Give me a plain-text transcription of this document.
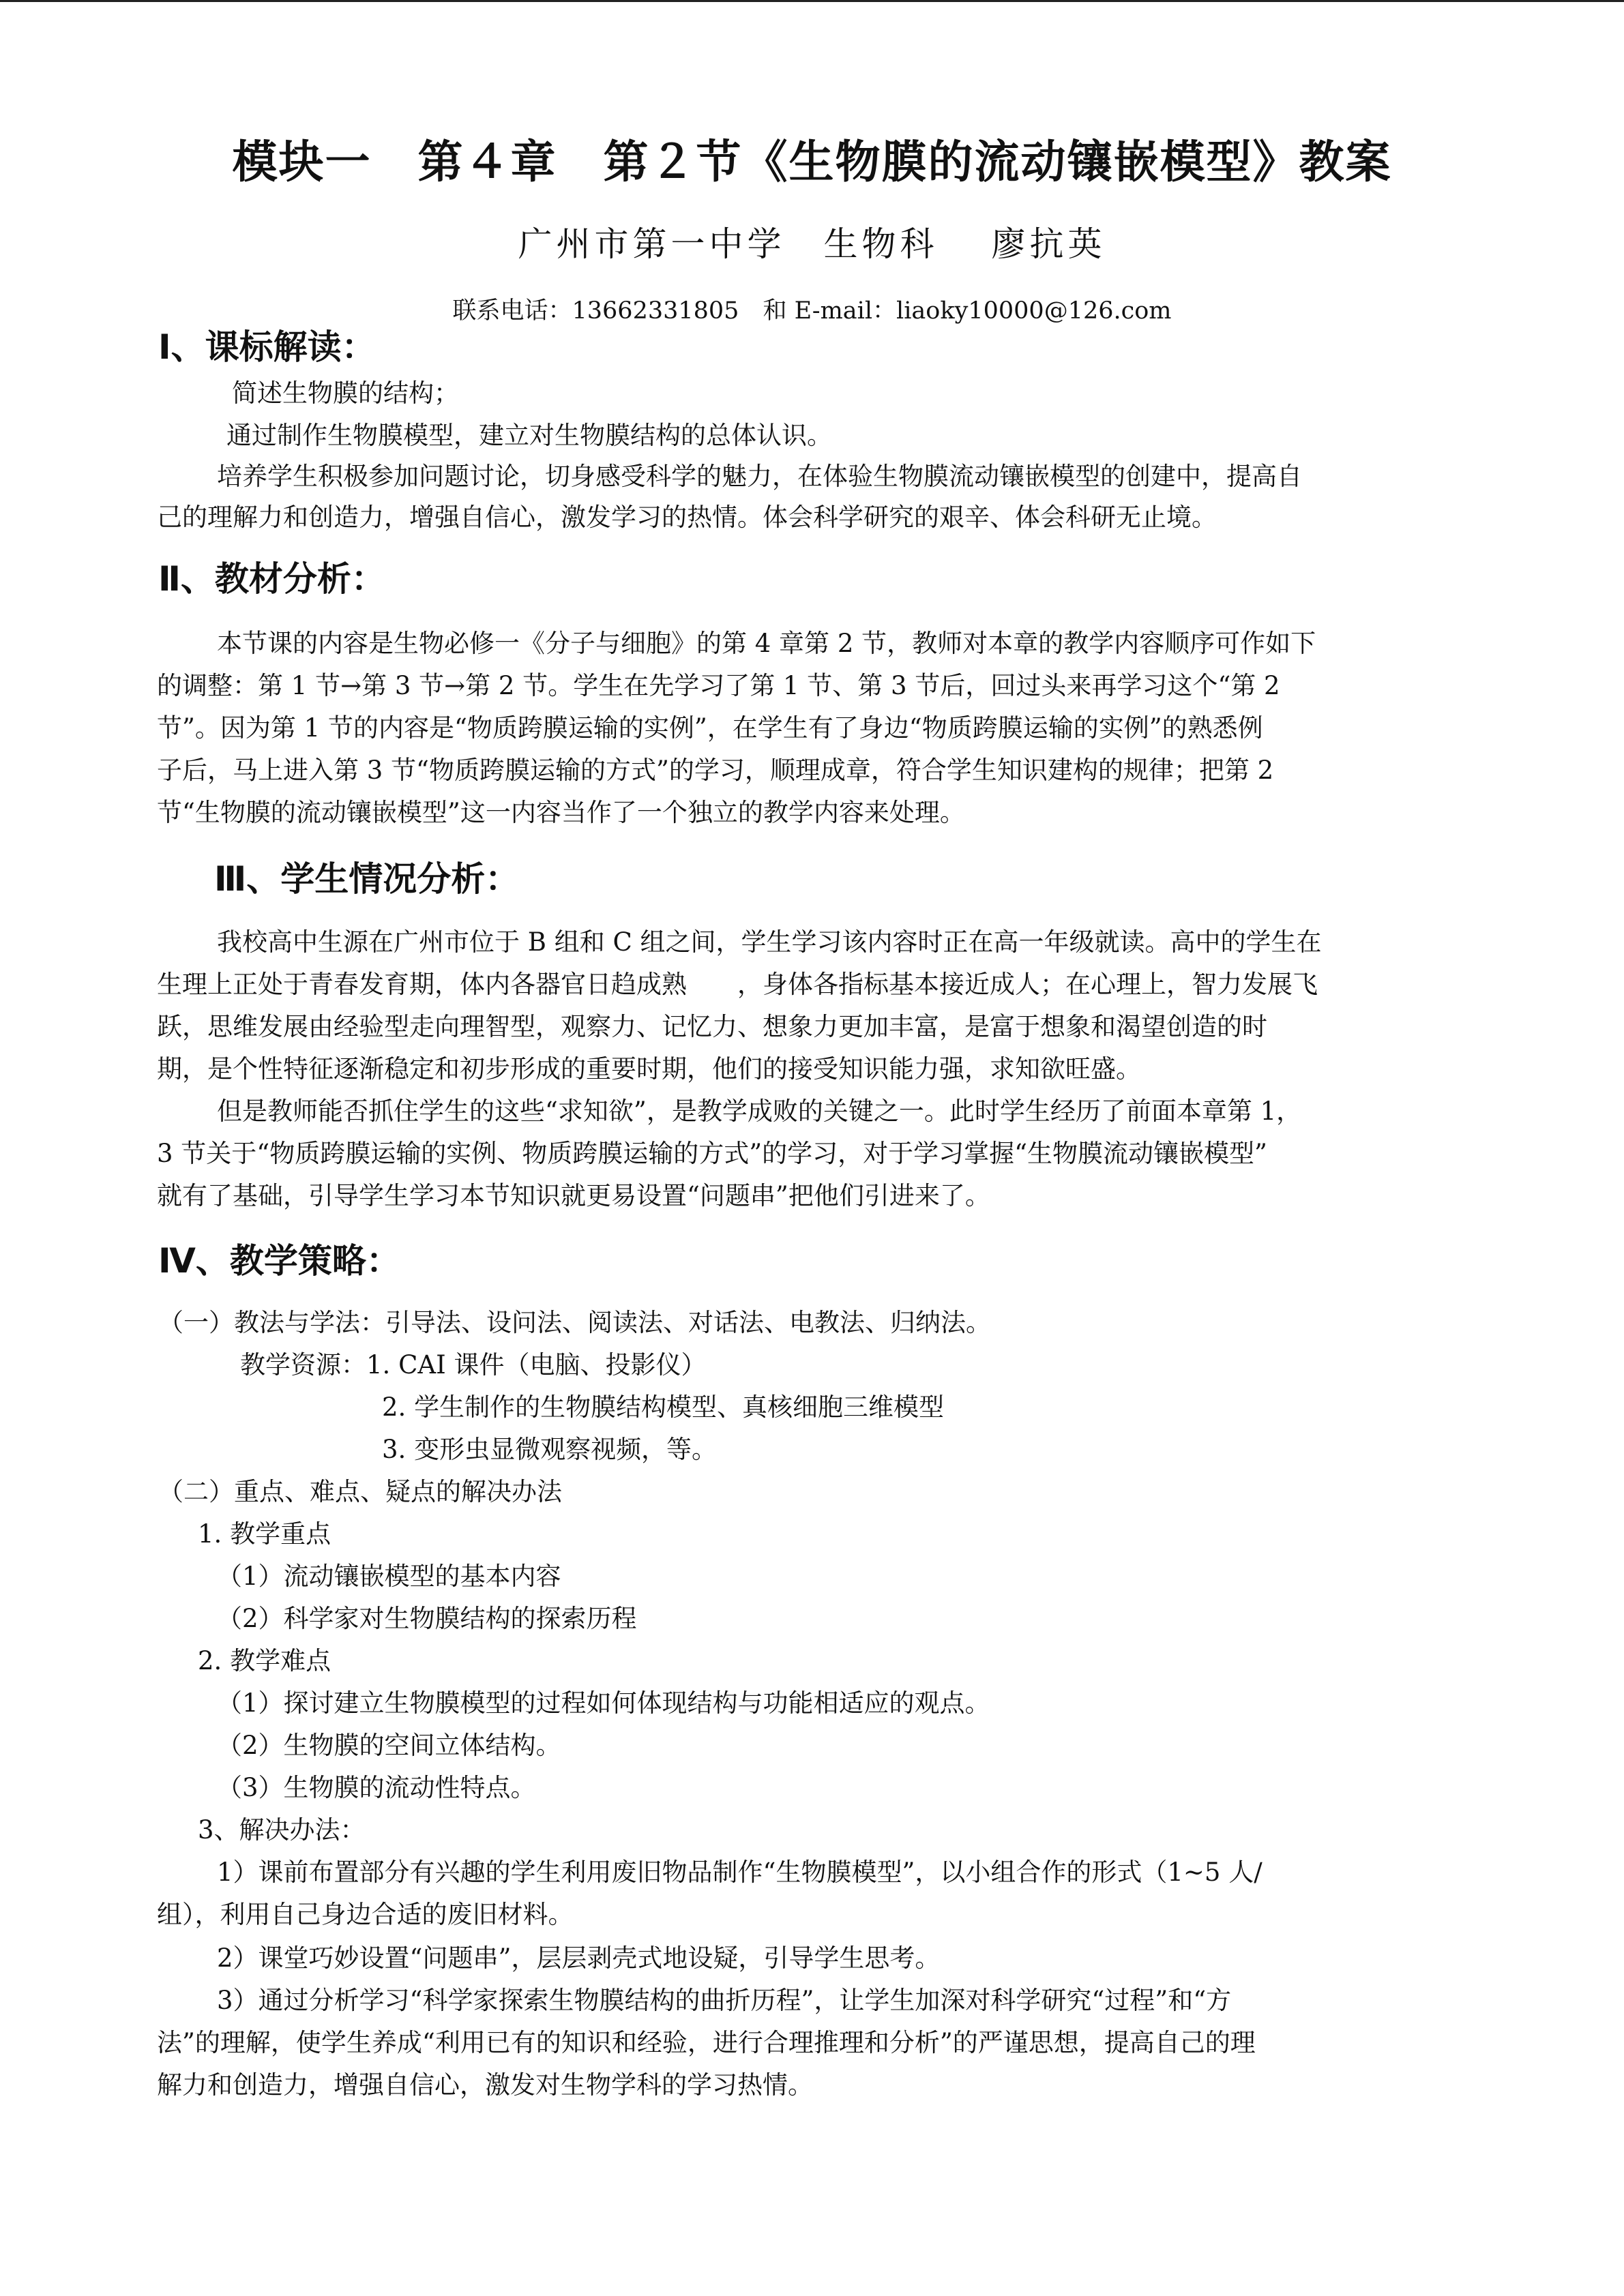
模块一　第４章　第２节《生物膜的流动镶嵌模型》教案
广州市第一中学　生物科　 廖抗英
联系电话：13662331805　和 E-mail：liaoky10000@126.com
Ⅰ、课标解读：
简述生物膜的结构；
通过制作生物膜模型，建立对生物膜结构的总体认识。
培养学生积极参加问题讨论，切身感受科学的魅力，在体验生物膜流动镶嵌模型的创建中，提高自
己的理解力和创造力，增强自信心，激发学习的热情。体会科学研究的艰辛、体会科研无止境。
Ⅱ、教材分析：
本节课的内容是生物必修一《分子与细胞》的第 4 章第 2 节，教师对本章的教学内容顺序可作如下
的调整：第 1 节→第 3 节→第 2 节。学生在先学习了第 1 节、第 3 节后，回过头来再学习这个“第 2
节”。因为第 1 节的内容是“物质跨膜运输的实例”，在学生有了身边“物质跨膜运输的实例”的熟悉例
子后，马上进入第 3 节“物质跨膜运输的方式”的学习，顺理成章，符合学生知识建构的规律；把第 2
节“生物膜的流动镶嵌模型”这一内容当作了一个独立的教学内容来处理。
Ⅲ、学生情况分析：
我校高中生源在广州市位于 B 组和 C 组之间，学生学习该内容时正在高一年级就读。高中的学生在
生理上正处于青春发育期，体内各器官日趋成熟　　，身体各指标基本接近成人；在心理上，智力发展飞
跃，思维发展由经验型走向理智型，观察力、记忆力、想象力更加丰富，是富于想象和渴望创造的时
期，是个性特征逐渐稳定和初步形成的重要时期，他们的接受知识能力强，求知欲旺盛。
但是教师能否抓住学生的这些“求知欲”，是教学成败的关键之一。此时学生经历了前面本章第 1，
3 节关于“物质跨膜运输的实例、物质跨膜运输的方式”的学习，对于学习掌握“生物膜流动镶嵌模型”
就有了基础，引导学生学习本节知识就更易设置“问题串”把他们引进来了。
Ⅳ、教学策略：
（一）教法与学法：引导法、设问法、阅读法、对话法、电教法、归纳法。
教学资源：1. CAI 课件（电脑、投影仪）
2. 学生制作的生物膜结构模型、真核细胞三维模型
3. 变形虫显微观察视频，等。
（二）重点、难点、疑点的解决办法
1. 教学重点
（1）流动镶嵌模型的基本内容
（2）科学家对生物膜结构的探索历程
2. 教学难点
（1）探讨建立生物膜模型的过程如何体现结构与功能相适应的观点。
（2）生物膜的空间立体结构。
（3）生物膜的流动性特点。
3、解决办法：
1）课前布置部分有兴趣的学生利用废旧物品制作“生物膜模型”，以小组合作的形式（1~5 人/
组），利用自己身边合适的废旧材料。
2）课堂巧妙设置“问题串”，层层剥壳式地设疑，引导学生思考。
3）通过分析学习“科学家探索生物膜结构的曲折历程”，让学生加深对科学研究“过程”和“方
法”的理解，使学生养成“利用已有的知识和经验，进行合理推理和分析”的严谨思想，提高自己的理
解力和创造力，增强自信心，激发对生物学科的学习热情。
